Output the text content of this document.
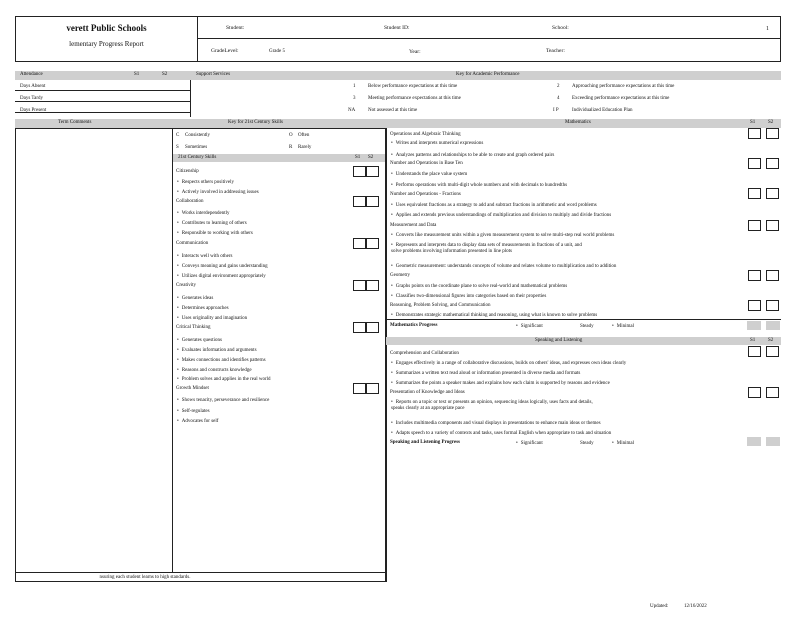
verett Public Schools
lementary Progress Report
Student:	Student ID:	School:	1
GradeLevel:	Grade 5	Year:	Teacher:
Attendance	S1	S2	Support Services	Key for Academic Performance
Days Absent
Days Tardy
Days Present
1	Below performance expectations at this time	2	Approaching performance expectations at this time
3	Meeting performance expectations at this time	4	Exceeding performance expectations at this time
NA	Not assessed at this time	I P	Individualized Education Plan
Term Comments	Key for 21st Century Skills	Mathematics	S1	S2
nsuring each student learns to high standards.
C Consistently	O Often
S Sometimes	R Rarely
21st Century Skills	S1 S2
Citizenship
• Respects others positively
• Actively involved in addressing issues
Collaboration
• Works interdependently
• Contributes to learning of others
• Responsible to working with others
Communication
• Interacts well with others
• Conveys meaning and gains understanding
• Utilizes digital environment appropriately
Creativity
• Generates ideas
• Determines approaches
• Uses originality and imagination
Critical Thinking
• Generates questions
• Evaluates information and arguments
• Makes connections and identifies patterns
• Reasons and constructs knowledge
• Problem solves and applies in the real world
Growth Mindset
• Shows tenacity, perseverance and resilience
• Self-regulates
• Advocates for self
Operations and Algebraic Thinking
• Writes and interprets numerical expressions
• Analyzes patterns and relationships to be able to create and graph ordered pairs
Number and Operations in Base Ten
• Understands the place value system
• Performs operations with multi-digit whole numbers and with decimals to hundredths
Number and Operations - Fractions
• Uses equivalent fractions as a strategy to add and subtract fractions in arithmetic and word problems
• Applies and extends previous understandings of multiplication and division to multiply and divide fractions
Measurement and Data
• Converts like measurement units within a given measurement system to solve multi-step real world problems
• Represents and interprets data to display data sets of measurements in fractions of a unit, and solve problems involving information presented in line plots
• Geometric measurement: understands concepts of volume and relates volume to multiplication and to addition
Geometry
• Graphs points on the coordinate plane to solve real-world and mathematical problems
• Classifies two-dimensional figures into categories based on their properties
Reasoning, Problem Solving, and Communication
• Demonstrates strategic mathematical thinking and reasoning, using what is known to solve problems
Mathematics Progress	• Significant	Steady	• Minimal
Speaking and Listening	S1	S2
Comprehension and Collaboration
• Engages effectively in a range of collaborative discussions, builds on others' ideas, and expresses own ideas clearly
• Summarizes a written text read aloud or information presented in diverse media and formats
• Summarizes the points a speaker makes and explains how each claim is supported by reasons and evidence
Presentation of Knowledge and Ideas
• Reports on a topic or text or presents an opinion, sequencing ideas logically, uses facts and details, speaks clearly at an appropriate pace
• Includes multimedia components and visual displays in presentations to enhance main ideas or themes
• Adapts speech to a variety of contexts and tasks, uses formal English when appropriate to task and situation
Speaking and Listening Progress	• Significant	Steady	• Minimal
Updated:	12/16/2022
